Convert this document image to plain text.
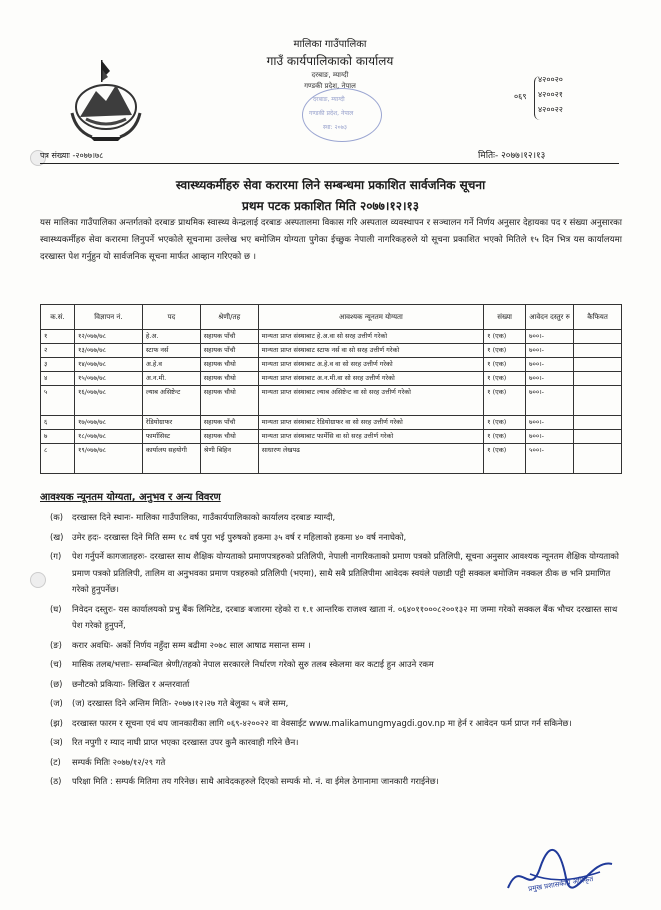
मालिका गाउँपालिका
गाउँ कार्यपालिकाको कार्यालय
दरबाङ, म्याग्दी
गण्डकी प्रदेश, नेपाल
दरबाङ, म्याग्दी
गण्डकी प्रदेश, नेपाल
स्था: २०७३
०६९
४२००२०
४२००२१
४२००२२
पत्र संख्याः -२०७७।७८	मितिः- २०७७।१२।१३
स्वास्थ्यकर्मीहरु सेवा करारमा लिने सम्बन्धमा प्रकाशित सार्वजनिक सूचना
प्रथम पटक प्रकाशित मिति २०७७।१२।१३
यस मालिका गाउँपालिका अन्तर्गतको दरबाङ प्राथमिक स्वास्थ्य केन्द्रलाई दरबाङ अस्पतालमा विकास गरि अस्पताल व्यवस्थापन र सञ्चालन गर्ने निर्णय अनुसार देहायका पद र संख्या अनुसारका स्वास्थ्यकर्मीहरु सेवा करारमा लिनुपर्ने भएकोले सूचनामा उल्लेख भए बमोजिम योग्यता पुगेका ईच्छुक नेपाली नागरिकहरुले यो सूचना प्रकाशित भएको मितिले १५ दिन भित्र यस कार्यालयमा दरखास्त पेश गर्नुहुन यो सार्वजनिक सूचना मार्फत आव्हान गरिएको छ ।
क.सं.	विज्ञापन नं.	पद	श्रेणी/तह	आवश्यक न्यूनतम योग्यता	संख्या	आवेदन दस्तुर रु	कैफियत
१	१२/०७७/७८	हे.अ.	सहायक पाँचौ	मान्यता प्राप्त संस्थाबाट हे.अ.वा सो सरह उत्तीर्ण गरेको	१ (एक)	७००।-	
२	१३/०७७/७८	स्टाफ नर्स	सहायक पाँचौ	मान्यता प्राप्त संस्थाबाट स्टाफ नर्स वा सो सरह उत्तीर्ण गरेको	१ (एक)	७००।-	
३	१४/०७७/७८	अ.हे.व	सहायक चौथो	मान्यता प्राप्त संस्थाबाट अ.हे.व वा सो सरह उत्तीर्ण गरेको	१ (एक)	७००।-	
४	१५/०७७/७८	अ.न.मी.	सहायक चौथो	मान्यता प्राप्त संस्थाबाट अ.न.मी.वा सो सरह उत्तीर्ण गरेको	१ (एक)	७००।-	
५	१६/०७७/७८	ल्याब असिष्टेन्ट	सहायक चौथो	मान्यता प्राप्त संस्थाबाट ल्याब असिष्टेन्ट वा सो सरह उत्तीर्ण गरेको	१ (एक)	७००।-	
६	१७/०७७/७८	रेडियोग्राफर	सहायक पाँचौ	मान्यता प्राप्त संस्थाबाट रेडियोग्राफर वा सो सरह उत्तीर्ण गरेको	१ (एक)	७००।-	
७	१८/०७७/७८	फार्मासिस्ट	सहायक चौथो	मान्यता प्राप्त संस्थाबाट फार्मेसि वा सो सरह उत्तीर्ण गरेको	१ (एक)	७००।-	
८	१९/०७७/७८	कार्यालय सहयोगी	श्रेणी बिहिन	साधारण लेखपढ	१ (एक)	५००।-	
आवश्यक न्यूनतम योग्यता, अनुभव र अन्य विवरण
(क)	दरखास्त दिने स्थानः- मालिका गाउँपालिका, गाउँकार्यपालिकाको कार्यालय दरबाङ म्याग्दी,
(ख)	उमेर हदः- दरखास्त दिने मिति सम्म १८ वर्ष पुरा भई पुरुषको हकमा ३५ वर्ष र महिलाको हकमा ४० वर्ष ननाघेको,
(ग)	पेश गर्नुपर्ने कागजातहरुः- दरखास्त साथ शैक्षिक योग्यताको प्रमाणपत्रहरुको प्रतिलिपी, नेपाली नागरिकताको प्रमाण पत्रको प्रतिलिपी, सूचना अनुसार आवश्यक न्यूनतम शैक्षिक योग्यताको प्रमाण पत्रको प्रतिलिपी, तालिम वा अनुभवका प्रमाण पत्रहरुको प्रतिलिपी (भएमा), साथै सबै प्रतिलिपीमा आवेदक स्वयंले पछाडी पट्टी सक्कल बमोजिम नक्कल ठीक छ भनि प्रमाणित गरेको हुनुपर्नेछ।
(घ)	निवेदन दस्तुरः- यस कार्यालयको प्रभु बैंक लिमिटेड, दरबाङ बजारमा रहेको रा १.१ आन्तरिक राजश्व खाता नं. ०६४०११०००८२००१३२ मा जम्मा गरेको सक्कल बैंक भौचर दरखास्त साथ पेश गरेको हुनुपर्ने,
(ङ)	करार अवधिः- अर्को निर्णय नहुँदा सम्म बढीमा २०७८ साल आषाढ मसान्त सम्म ।
(च)	मासिक तलब/भत्ताः- सम्बन्धित श्रेणी/तहको नेपाल सरकारले निर्धारण गरेको सुरु तलब स्केलमा कर कटाई हुन आउने रकम
(छ)	छनौटको प्रकियाः- लिखित र अन्तरवार्ता
(ज)	(ज) दरखास्त दिने अन्तिम मितिः- २०७७।१२।२७ गते बेलुका ५ बजे सम्म,
(झ)	दरखास्त फारम र सूचना एवं थप जानकारीका लागि ०६९-४२००२२ वा वेवसाईट www.malikamungmyagdi.gov.np मा हेर्न र आवेदन फर्म प्राप्त गर्न सकिनेछ।
(ञ)	रित नपुगी र म्याद नाघी प्राप्त भएका दरखास्त उपर कुनै कारवाही गरिने छैन।
(ट)	सम्पर्क मितिः २०७७/१२/२९ गते
(ठ)	परिक्षा मिति : सम्पर्क मितिमा तय गरिनेछ। साथै आवेदकहरुले दिएको सम्पर्क मो. नं. वा ईमेल ठेगानामा जानकारी गराईनेछ।
प्रमुख प्रशासकीय अधिकृत
